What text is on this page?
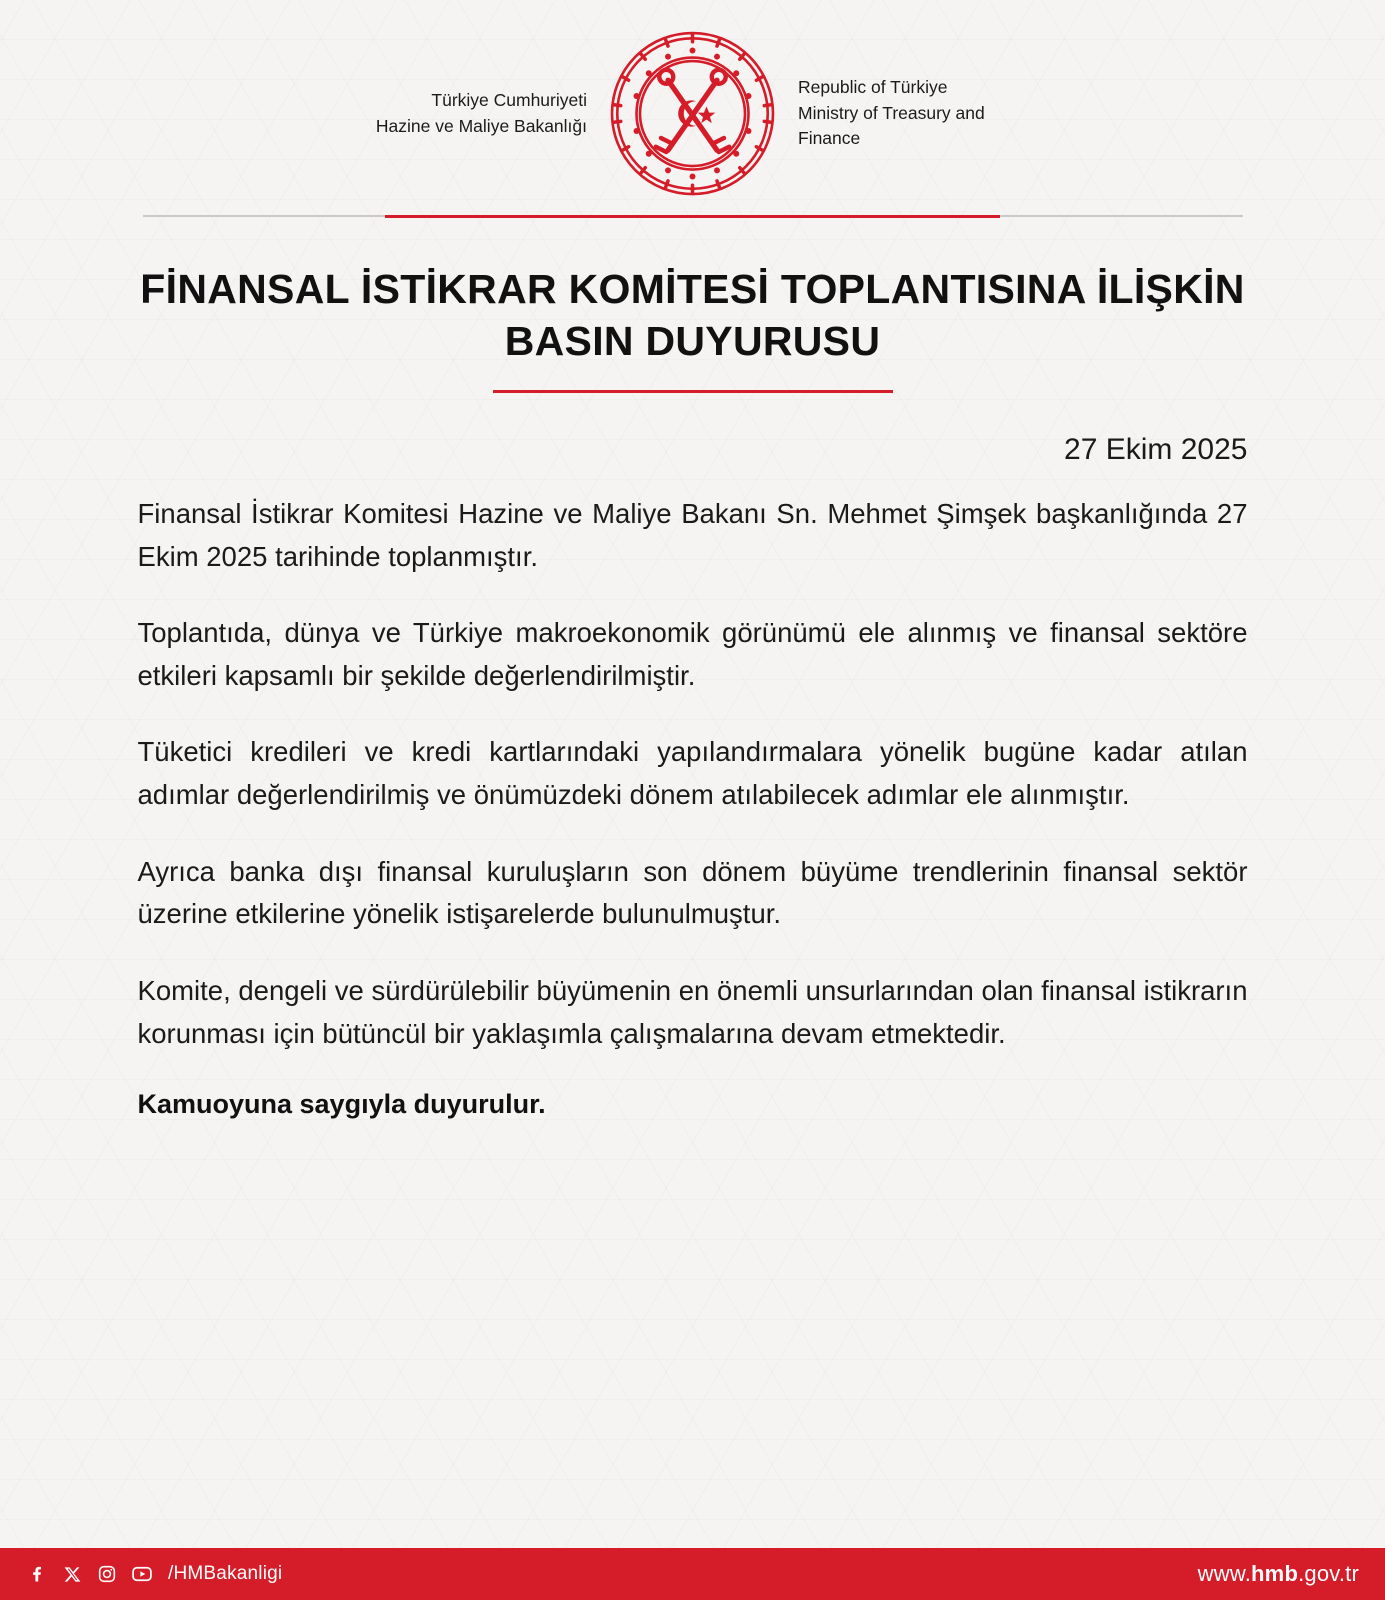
Türkiye Cumhuriyeti
Hazine ve Maliye Bakanlığı
Republic of Türkiye
Ministry of Treasury and Finance
FİNANSAL İSTİKRAR KOMİTESİ TOPLANTISINA İLİŞKİN BASIN DUYURUSU
27 Ekim 2025

Finansal İstikrar Komitesi Hazine ve Maliye Bakanı Sn. Mehmet Şimşek başkanlığında 27 Ekim 2025 tarihinde toplanmıştır.

Toplantıda, dünya ve Türkiye makroekonomik görünümü ele alınmış ve finansal sektöre etkileri kapsamlı bir şekilde değerlendirilmiştir.

Tüketici kredileri ve kredi kartlarındaki yapılandırmalara yönelik bugüne kadar atılan adımlar değerlendirilmiş ve önümüzdeki dönem atılabilecek adımlar ele alınmıştır.

Ayrıca banka dışı finansal kuruluşların son dönem büyüme trendlerinin finansal sektör üzerine etkilerine yönelik istişarelerde bulunulmuştur.

Komite, dengeli ve sürdürülebilir büyümenin en önemli unsurlarından olan finansal istikrarın korunması için bütüncül bir yaklaşımla çalışmalarına devam etmektedir.

Kamuoyuna saygıyla duyurulur.

/HMBakanligi	www.hmb.gov.tr
